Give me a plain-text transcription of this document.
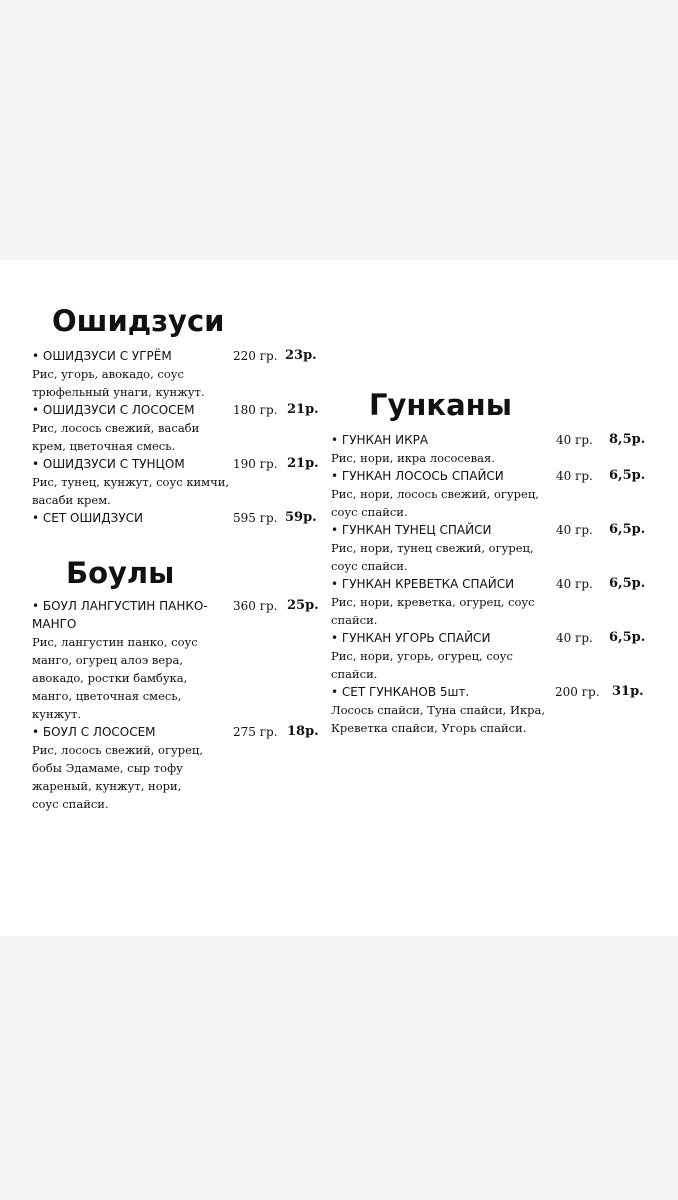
Ошидзуси
• ОШИДЗУСИ С УГРЁМ	220 гр. 23р.
Рис, угорь, авокадо, соус
трюфельный унаги, кунжут.
• ОШИДЗУСИ С ЛОСОСЕМ	180 гр. 21р.
Рис, лосось свежий, васаби
крем, цветочная смесь.
• ОШИДЗУСИ С ТУНЦОМ	190 гр. 21р.
Рис, тунец, кунжут, соус кимчи,
васаби крем.
• СЕТ ОШИДЗУСИ	595 гр. 59р.
Боулы
• БОУЛ ЛАНГУСТИН ПАНКО-
МАНГО
360 гр. 25р.
Рис, лангустин панко, соус
манго, огурец алоэ вера,
авокадо, ростки бамбука,
манго, цветочная смесь,
кунжут.
• БОУЛ С ЛОСОСЕМ	275 гр. 18р.
Рис, лосось свежий, огурец,
бобы Эдамаме, сыр тофу
жареный, кунжут, нори,
соус спайси.
Гунканы
• ГУНКАН ИКРА	40 гр. 8,5р.
Рис, нори, икра лососевая.
• ГУНКАН ЛОСОСЬ СПАЙСИ	40 гр. 6,5р.
Рис, нори, лосось свежий, огурец,
соус спайси.
• ГУНКАН ТУНЕЦ СПАЙСИ	40 гр. 6,5р.
Рис, нори, тунец свежий, огурец,
соус спайси.
• ГУНКАН КРЕВЕТКА СПАЙСИ	40 гр. 6,5р.
Рис, нори, креветка, огурец, соус
спайси.
• ГУНКАН УГОРЬ СПАЙСИ	40 гр. 6,5р.
Рис, нори, угорь, огурец, соус
спайси.
• СЕТ ГУНКАНОВ 5шт.	200 гр. 31р.
Лосось спайси, Туна спайси, Икра,
Креветка спайси, Угорь спайси.
